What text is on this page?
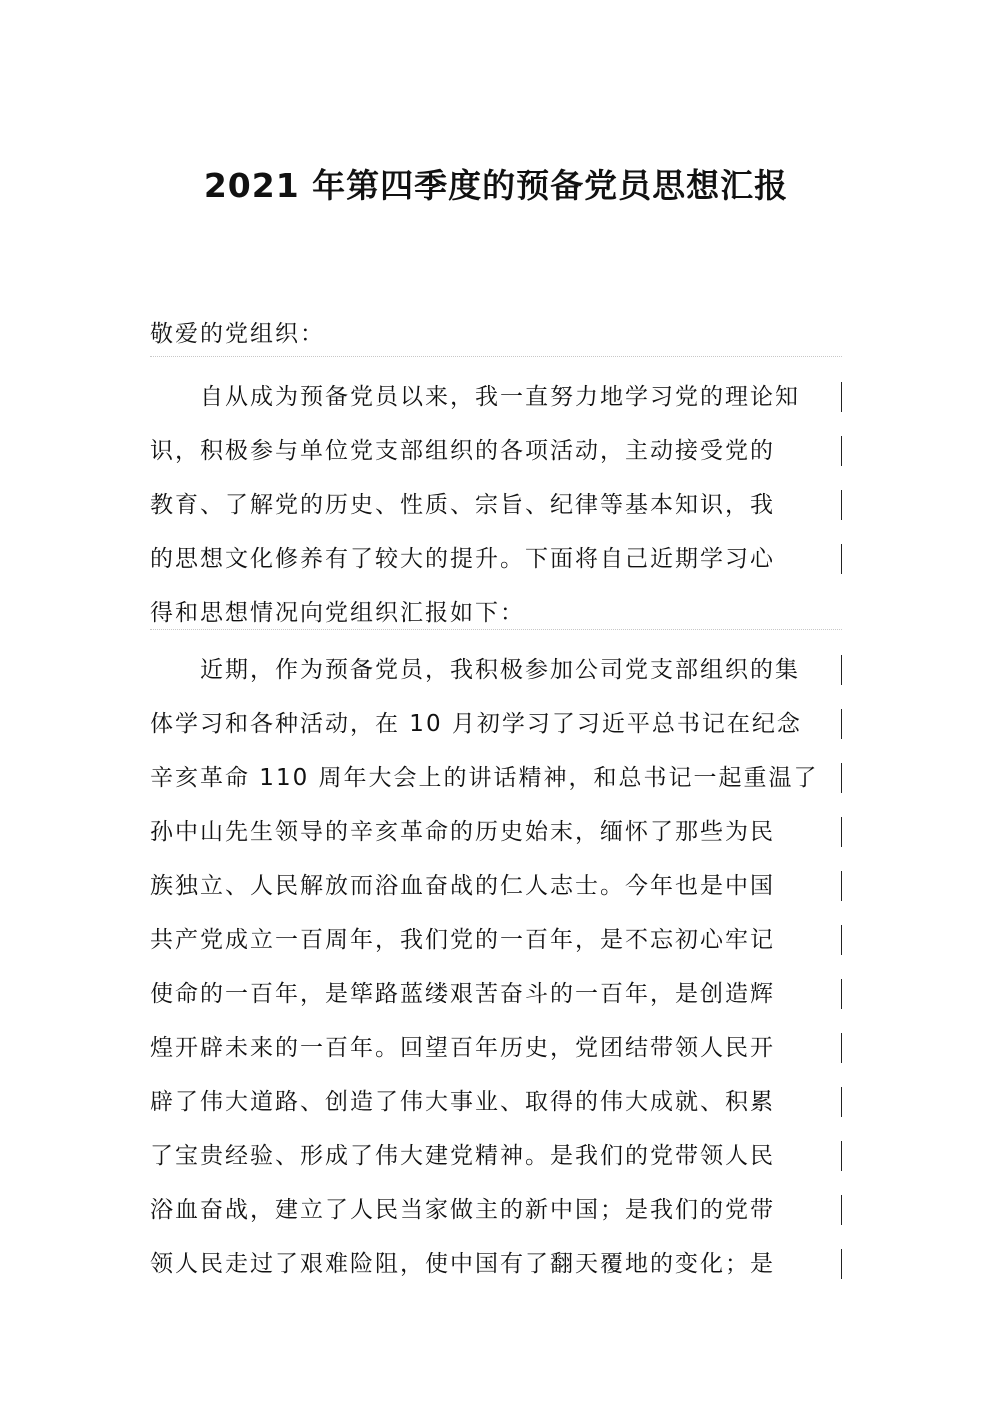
2021 年第四季度的预备党员思想汇报
敬爱的党组织：
　　自从成为预备党员以来，我一直努力地学习党的理论知
识，积极参与单位党支部组织的各项活动，主动接受党的
教育、了解党的历史、性质、宗旨、纪律等基本知识，我
的思想文化修养有了较大的提升。下面将自己近期学习心
得和思想情况向党组织汇报如下：
　　近期，作为预备党员，我积极参加公司党支部组织的集
体学习和各种活动，在 10 月初学习了习近平总书记在纪念
辛亥革命 110 周年大会上的讲话精神，和总书记一起重温了
孙中山先生领导的辛亥革命的历史始末，缅怀了那些为民
族独立、人民解放而浴血奋战的仁人志士。今年也是中国
共产党成立一百周年，我们党的一百年，是不忘初心牢记
使命的一百年，是筚路蓝缕艰苦奋斗的一百年，是创造辉
煌开辟未来的一百年。回望百年历史，党团结带领人民开
辟了伟大道路、创造了伟大事业、取得的伟大成就、积累
了宝贵经验、形成了伟大建党精神。是我们的党带领人民
浴血奋战，建立了人民当家做主的新中国；是我们的党带
领人民走过了艰难险阻，使中国有了翻天覆地的变化；是
